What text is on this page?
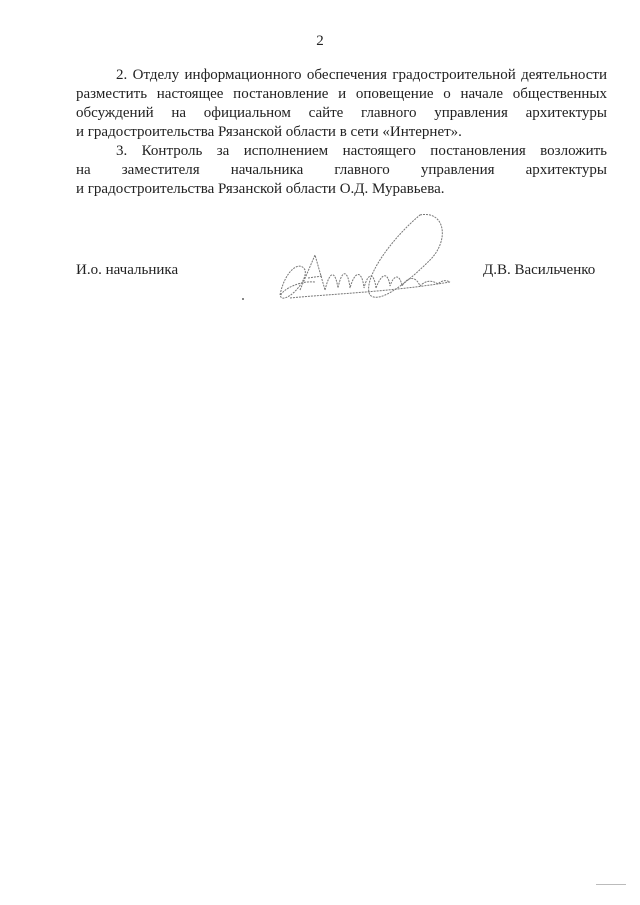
2
2. Отделу информационного обеспечения градостроительной деятельности
разместить настоящее постановление и оповещение о начале общественных
обсуждений на официальном сайте главного управления архитектуры
и градостроительства Рязанской области в сети «Интернет».
3. Контроль за исполнением настоящего постановления возложить
на заместителя начальника главного управления архитектуры
и градостроительства Рязанской области О.Д. Муравьева.
И.о. начальника	Д.В. Васильченко
